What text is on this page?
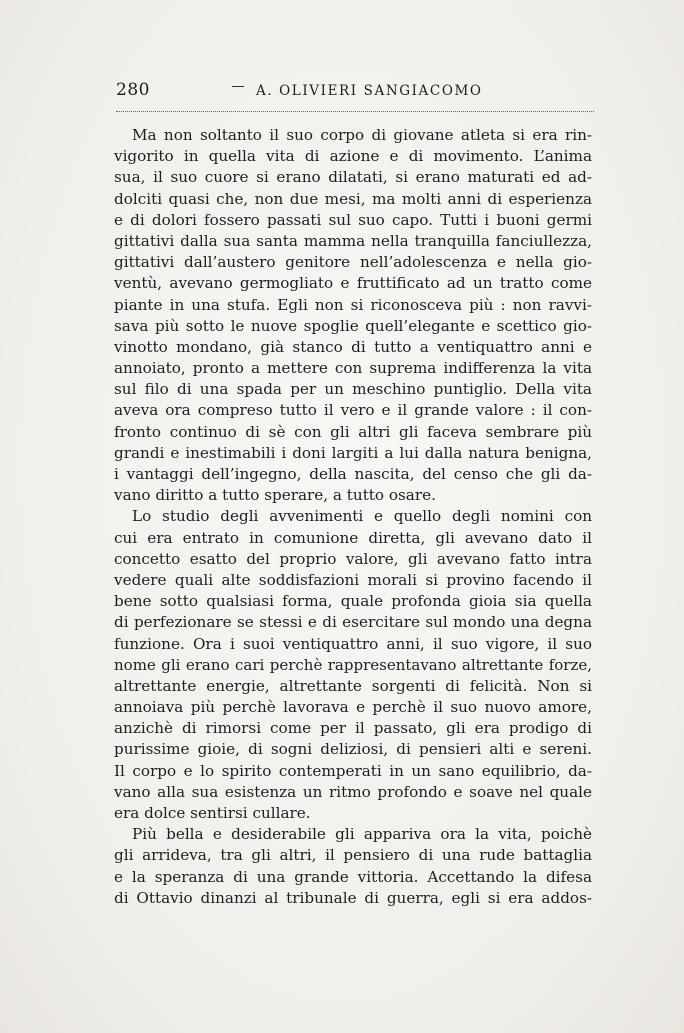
280	A. OLIVIERI SANGIACOMO
Ma non soltanto il suo corpo di giovane atleta si era rin-
vigorito in quella vita di azione e di movimento. L’anima
sua, il suo cuore si erano dilatati, si erano maturati ed ad-
dolciti quasi che, non due mesi, ma molti anni di esperienza
e di dolori fossero passati sul suo capo. Tutti i buoni germi
gittativi dalla sua santa mamma nella tranquilla fanciullezza,
gittativi dall’austero genitore nell’adolescenza e nella gio-
ventù, avevano germogliato e fruttificato ad un tratto come
piante in una stufa. Egli non si riconosceva più : non ravvi-
sava più sotto le nuove spoglie quell’elegante e scettico gio-
vinotto mondano, già stanco di tutto a ventiquattro anni e
annoiato, pronto a mettere con suprema indifferenza la vita
sul filo di una spada per un meschino puntiglio. Della vita
aveva ora compreso tutto il vero e il grande valore : il con-
fronto continuo di sè con gli altri gli faceva sembrare più
grandi e inestimabili i doni largiti a lui dalla natura benigna,
i vantaggi dell’ingegno, della nascita, del censo che gli da-
vano diritto a tutto sperare, a tutto osare.
Lo studio degli avvenimenti e quello degli nomini con
cui era entrato in comunione diretta, gli avevano dato il
concetto esatto del proprio valore, gli avevano fatto intra
vedere quali alte soddisfazioni morali si provino facendo il
bene sotto qualsiasi forma, quale profonda gioia sia quella
di perfezionare se stessi e di esercitare sul mondo una degna
funzione. Ora i suoi ventiquattro anni, il suo vigore, il suo
nome gli erano cari perchè rappresentavano altrettante forze,
altrettante energie, altrettante sorgenti di felicità. Non si
annoiava più perchè lavorava e perchè il suo nuovo amore,
anzichè di rimorsi come per il passato, gli era prodigo di
purissime gioie, di sogni deliziosi, di pensieri alti e sereni.
Il corpo e lo spirito contemperati in un sano equilibrio, da-
vano alla sua esistenza un ritmo profondo e soave nel quale
era dolce sentirsi cullare.
Più bella e desiderabile gli appariva ora la vita, poichè
gli arrideva, tra gli altri, il pensiero di una rude battaglia
e la speranza di una grande vittoria. Accettando la difesa
di Ottavio dinanzi al tribunale di guerra, egli si era addos-
